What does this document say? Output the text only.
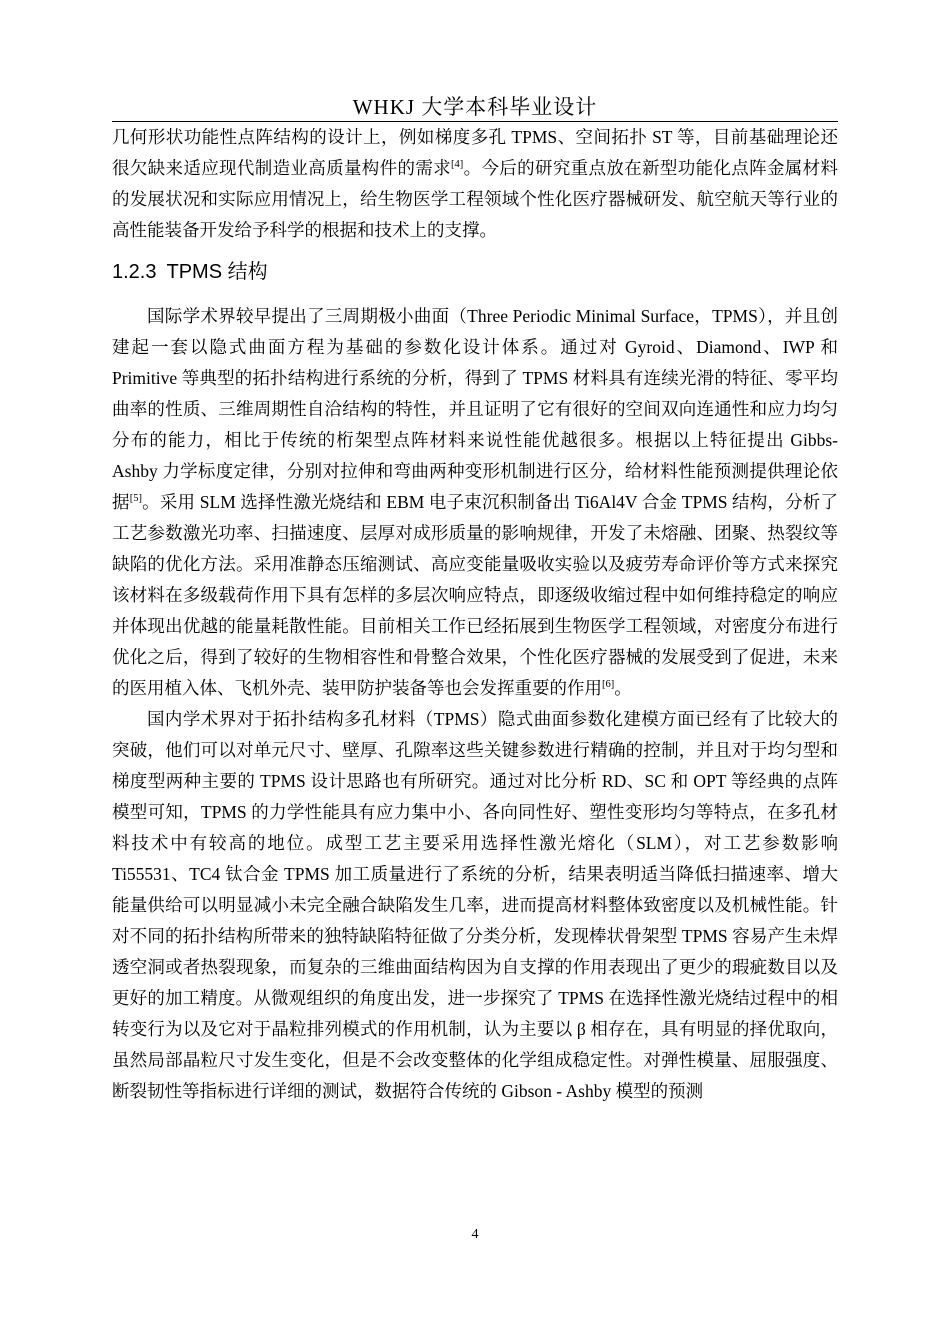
WHKJ 大学本科毕业设计

几何形状功能性点阵结构的设计上，例如梯度多孔 TPMS、空间拓扑 ST 等，目前基础理论还很欠缺来适应现代制造业高质量构件的需求[4]。今后的研究重点放在新型功能化点阵金属材料的发展状况和实际应用情况上，给生物医学工程领域个性化医疗器械研发、航空航天等行业的高性能装备开发给予科学的根据和技术上的支撑。

1.2.3 TPMS 结构

国际学术界较早提出了三周期极小曲面（Three Periodic Minimal Surface，TPMS），并且创建起一套以隐式曲面方程为基础的参数化设计体系。通过对 Gyroid、Diamond、IWP 和 Primitive 等典型的拓扑结构进行系统的分析，得到了 TPMS 材料具有连续光滑的特征、零平均曲率的性质、三维周期性自洽结构的特性，并且证明了它有很好的空间双向连通性和应力均匀分布的能力，相比于传统的桁架型点阵材料来说性能优越很多。根据以上特征提出 Gibbs-Ashby 力学标度定律，分别对拉伸和弯曲两种变形机制进行区分，给材料性能预测提供理论依据[5]。采用 SLM 选择性激光烧结和 EBM 电子束沉积制备出 Ti6Al4V 合金 TPMS 结构，分析了工艺参数激光功率、扫描速度、层厚对成形质量的影响规律，开发了未熔融、团聚、热裂纹等缺陷的优化方法。采用准静态压缩测试、高应变能量吸收实验以及疲劳寿命评价等方式来探究该材料在多级载荷作用下具有怎样的多层次响应特点，即逐级收缩过程中如何维持稳定的响应并体现出优越的能量耗散性能。目前相关工作已经拓展到生物医学工程领域，对密度分布进行优化之后，得到了较好的生物相容性和骨整合效果，个性化医疗器械的发展受到了促进，未来的医用植入体、飞机外壳、装甲防护装备等也会发挥重要的作用[6]。

国内学术界对于拓扑结构多孔材料（TPMS）隐式曲面参数化建模方面已经有了比较大的突破，他们可以对单元尺寸、壁厚、孔隙率这些关键参数进行精确的控制，并且对于均匀型和梯度型两种主要的 TPMS 设计思路也有所研究。通过对比分析 RD、SC 和 OPT 等经典的点阵模型可知，TPMS 的力学性能具有应力集中小、各向同性好、塑性变形均匀等特点，在多孔材料技术中有较高的地位。成型工艺主要采用选择性激光熔化（SLM），对工艺参数影响 Ti55531、TC4 钛合金 TPMS 加工质量进行了系统的分析，结果表明适当降低扫描速率、增大能量供给可以明显减小未完全融合缺陷发生几率，进而提高材料整体致密度以及机械性能。针对不同的拓扑结构所带来的独特缺陷特征做了分类分析，发现棒状骨架型 TPMS 容易产生未焊透空洞或者热裂现象，而复杂的三维曲面结构因为自支撑的作用表现出了更少的瑕疵数目以及更好的加工精度。从微观组织的角度出发，进一步探究了 TPMS 在选择性激光烧结过程中的相转变行为以及它对于晶粒排列模式的作用机制，认为主要以 β 相存在，具有明显的择优取向，虽然局部晶粒尺寸发生变化，但是不会改变整体的化学组成稳定性。对弹性模量、屈服强度、断裂韧性等指标进行详细的测试，数据符合传统的 Gibson - Ashby 模型的预测

4
